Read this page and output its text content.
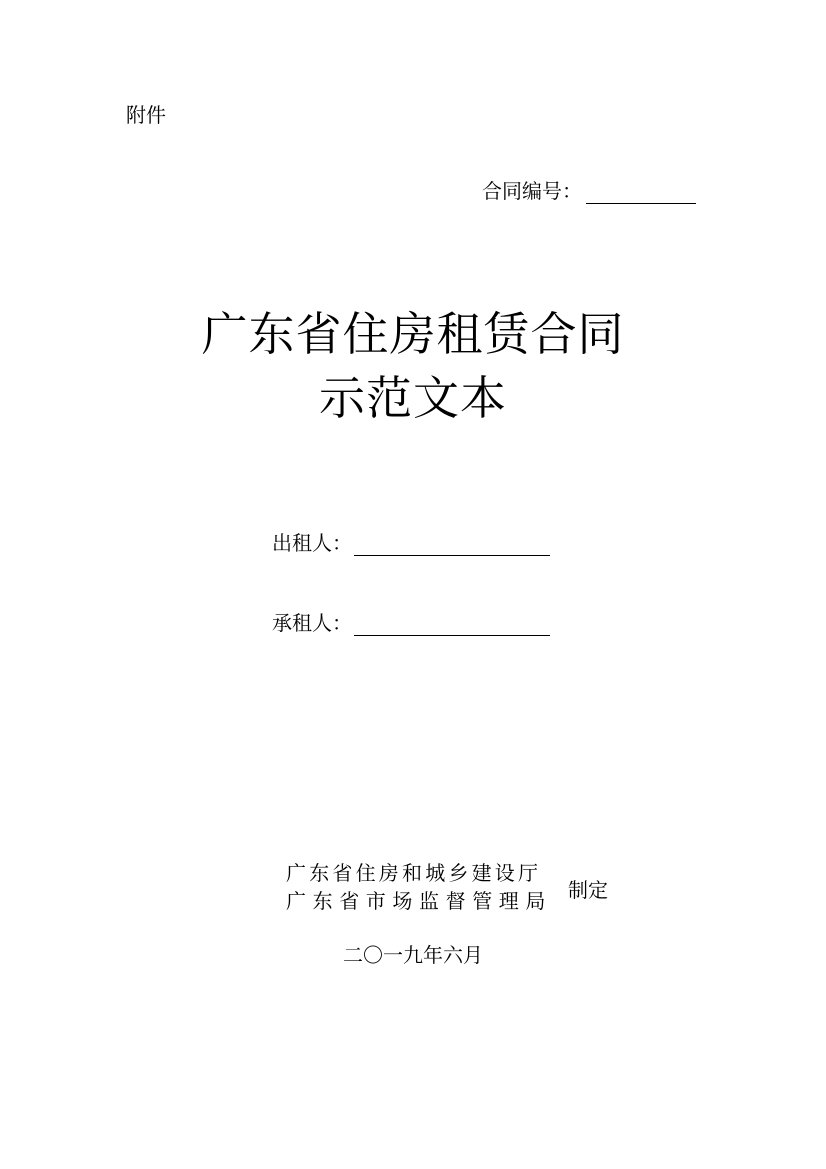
附件
合同编号：
广东省住房租赁合同
示范文本
出租人：
承租人：
广东省住房和城乡建设厅
广东省市场监督管理局 制定
二〇一九年六月
